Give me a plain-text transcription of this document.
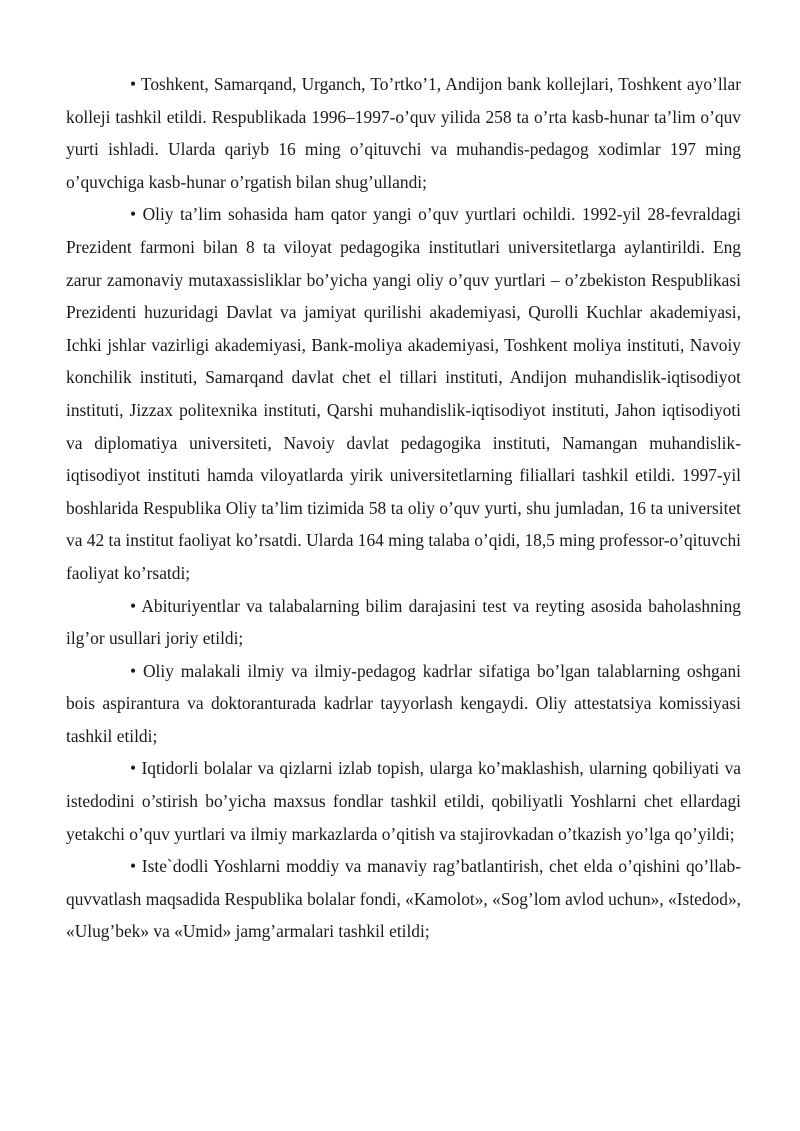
• Toshkent, Samarqand, Urganch, To’rtko’1, Andijon bank kollejlari, Toshkent ayo’llar kolleji tashkil etildi. Respublikada 1996–1997-o’quv yilida 258 ta o’rta kasb-hunar ta’lim o’quv yurti ishladi. Ularda qariyb 16 ming o’qituvchi va muhandis-pedagog xodimlar 197 ming o’quvchiga kasb-hunar o’rgatish bilan shug’ullandi;

• Oliy ta’lim sohasida ham qator yangi o’quv yurtlari ochildi. 1992-yil 28-fevraldagi Prezident farmoni bilan 8 ta viloyat pedagogika institutlari universitetlarga aylantirildi. Eng zarur zamonaviy mutaxassisliklar bo’yicha yangi oliy o’quv yurtlari – o’zbekiston Respublikasi Prezidenti huzuridagi Davlat va jamiyat qurilishi akademiyasi, Qurolli Kuchlar akademiyasi, Ichki jshlar vazirligi akademiyasi, Bank-moliya akademiyasi, Toshkent moliya instituti, Navoiy konchilik instituti, Samarqand davlat chet el tillari instituti, Andijon muhandislik-iqtisodiyot instituti, Jizzax politexnika instituti, Qarshi muhandislik-iqtisodiyot instituti, Jahon iqtisodiyoti va diplomatiya universiteti, Navoiy davlat pedagogika instituti, Namangan muhandislik-iqtisodiyot instituti hamda viloyatlarda yirik universitetlarning filiallari tashkil etildi. 1997-yil boshlarida Respublika Oliy ta’lim tizimida 58 ta oliy o’quv yurti, shu jumladan, 16 ta universitet va 42 ta institut faoliyat ko’rsatdi. Ularda 164 ming talaba o’qidi, 18,5 ming professor-o’qituvchi faoliyat ko’rsatdi;

• Abituriyentlar va talabalarning bilim darajasini test va reyting asosida baholashning ilg’or usullari joriy etildi;

• Oliy malakali ilmiy va ilmiy-pedagog kadrlar sifatiga bo’lgan talablarning oshgani bois aspirantura va doktoranturada kadrlar tayyorlash kengaydi. Oliy attestatsiya komissiyasi tashkil etildi;

• Iqtidorli bolalar va qizlarni izlab topish, ularga ko’maklashish, ularning qobiliyati va istedodini o’stirish bo’yicha maxsus fondlar tashkil etildi, qobiliyatli Yoshlarni chet ellardagi yetakchi o’quv yurtlari va ilmiy markazlarda o’qitish va stajirovkadan o’tkazish yo’lga qo’yildi;

• Iste`dodli Yoshlarni moddiy va manaviy rag’batlantirish, chet elda o’qishini qo’llab-quvvatlash maqsadida Respublika bolalar fondi, «Kamolot», «Sog’lom avlod uchun», «Istedod», «Ulug’bek» va «Umid» jamg’armalari tashkil etildi;
